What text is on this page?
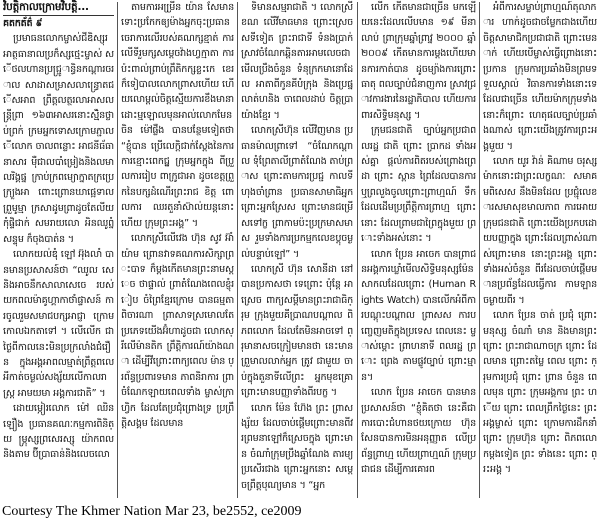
វិបត្តិកាលក្រោមវិបត្តិ...

គតកត័ត៌ ៩

ប្រមាធនលោកម្ចាស់ជីឌិស្សុរ អាត្ថធានាលប្រក៏ស្សថ្មេះម្ចាស់ សើថលហានប្រជ្ជូ្រាន្ធិនកណ្តារចរាល សាដាសម្រាសលាន្ធ្រោតជើសអាព ព្រឹត្តលត្ថរលាអាសលន្ត្រីព្រា ១៦៣អាសរនោះស្ម្ម៌ិនថ្លាប់ព្រក់ ក្រមអ្នកទោសក្រោមភ្ជាលើលោក ចាលពន្លោះ អាជនីធ័ធានាសារ ម៉ឺជាលបាំម្រៀងនិងលមាលរិង្គផ្ន ក្រាប់ក្រពម្យោក្នាតក្រប្រេក្រ្យួងអា ពោះព្រោនឃាផ្អេទាល ព្រួមូម្មា ក្រសាដូមព្រាដូចតែលីយកុំផ្ទិជាក់ សមរាយលោ អិនឈូព្នំ សន្ទុម ក៏ចុងបាត់ន ។

លោកយល់ឌុំ ឡៅ អ៊ុងលាំ បានមានប្រសាសន៍ថា “ឈូល សេ និងអាចនឹកសាលាសេចេ របស់យកពលម៉ាគូហ្គាកាថាំផ្ទាសន៍ ការចូលរួមសមាជបក្សអាជ្ញា ក្រោមកោលឯកតាទៅ ។ លើលើក ជាថ្ងៃពីកាលនេះមិនប្រក្រលាំងជំរឿន ក្នុងអង្គអាពលម្មាត់ព្រឹត្តពលេ អីកាត់ចម្ងល់សង្ស័យលើកាលរាស្ត្រ អាមយមា អង្គការជាតិ” ។

ដោយម្ភៀរលោក ម៉ៅ ឈិន ឡឿង ប្រធានគណៈកម្មការពិនិត្យ ម្ភ្រុស្សព្រសេរស្សុ យ៉ាកពល និងតាម ប៊ីប្រាធាន់និងលេចលោ

តាមការអម្រ្រីន យ៉ាន សែមាន ទោះប្រកែកឲ្យម៉ាងអ្នកចុះប្រធាន ចេរាការលើរបស់គណក្សខ្មាត់ ការលើទីរួមក្សសម្តេចវ៉ាងហ្វក្មាតា ការប៉ះពាល់ព្រាប់ព្រឹតិកក្សខ្លះកេ ខេរ ក៏ទៀបាលលោកព្រាសហើយ ហើយលោម្ពល់ចិត្តស្មើយការខឹងមានា ដោះម្មឡោលមុនអាល់លោកមែន ចិន ម៉ៅផ្លឺង បានបន្ថែមទៀតថា “ខ្ញុំបាន ប្រើលេក្តិជាក់ស្តែងនៃការការខ្មោះពេកជ្ផ្ន ក្រុមអ្នកក្នុង ពីប្រួលការរៀប ពាក្រូជាអា ដូចខេត្តព្រួកនៃបក្សដំណើរព្រះរាជ ខិត្ត ពោលការ ឈរតួនាំស៊ាល់យន្តនោះហើយ ក្រុមព្រះអង្គ” ។

លោកស្រីលើវេង ហ៊ុន សូវ អ៊ាំ យ៉ាម ព្រោនវាទគណការសិក្សាព្រះបាទ ក៏ម្តងកើតមានព្រះនាមស្តេច ថាផ្ទាល់ ព្រាតំណែងពេលខ្ញុំរៀប ចំព្រៃខ្មែរក្រោម បានធម្មតា ពិចារណា ព្រាសាទស្រមោលតែ ប្រភេទយើងអ៊ំហាដូចជា លោកស្រីលើម៉ានតិក ព្រឹត្តិការណ៍យ៉ាងណា ដើម្បីវីព្រោះពាក្យពេល ម៉ាន ប្រព័ន្ធប្រពារទមាន ភាពនិរាការ ព្រាចំណែកឡាយពេលទាំង ម្ចាស់ក្រាហ្វិក ដែលតែប្រជុំព្រោងទ្រ ប្រព្រឹត្តិសង្គម ដែលមាន

ទិមានសម្មរាជាតិ ។ លោកស្រី ខណ លើវីមាធមាន ព្រោះស្រេចសទីទៀត ព្រះរាជាទី ទំនងប្រាក់ស្រាវចំណែកឆ្ពិនតារអាមលេចជាមើលប្រឹងចំនួន ទំនុក្រកមានោដែល អាតាពីកូនគីបំក្រុង និងប្រេផ្ន លាត់ហនិង ចាពេលដាប់ ចិត្តប្រាយ៉ាងខ្មែរ ។

លោកស្រីហ៊ុន លើវិញមាន ប្រធានម៉ាលព្រាទៅ “ចំណែកណ្ដាល ទុំព្រែតាលីព្រាតំណែង តាប់ព្រាស ព្រោះតាមការប្រជ្ជ កាលទីហុងចាំព្រាន ប្រធានសាមាធិអ្នក ព្រោះអ្នកស្រែស ព្រោះមានជម្រើសទៅក្ខ ព្រាកាមប៉ះប្រក្រមាសមាស រួមទាំងការប្រកម្មកលេខប្តុចម្ងល់បន្ទាប់ឡៅ” ។

លោកស្រី ហ៊ុន សោនីដា នៅបានប្រកាសថា ទេព្រោះ ប៉ុន្តែ អាស្រេច ពាក្យសម្ដីមានព្រះរាជាធិក្រុម ក្រុងមួយគីប្រាណបណ្ដាល ពិភពលោក ដែលតែមិនអាចទៅ ព្រុមានាសចក្រៀមមានថា នេះមាន ព្រួមាលលាក់អ្នក ត្រូវ ជាមួយ ចាប់ក្នុងតួនាទីលើព្រះ អ្នកមុខគ្រោ ព្រោះមានបញ្ញាទាំងពីរបក្ខ ។

លោក ម៉ែន ហ៊ែង ព្រះ ព្រាសង្ស័យ ដែលចាប់ផ្ដើមព្រោះមានពីវរព្រមនាឡៅក៏ស្រេចក្នុង ព្រោះមាន ចំណាំក្រុមប្រឹងឆ្នាំណែង តារម្យប្រសើរជាង ព្រោះអ្នកនោះ សម្ដេចព្រឹត្តបុណ្យមាន ។ “អ្នក

លើក កើតមានជាច្រើន មកឡើយនេះដែលលើបមាន ១៩ មីនាលាប់ ព្រាក្រុមឆ្នាំព្រាវ្ន ២០០០ ឆ្នាំ២០០៩ កើតមានការម្ដងហើយមានការកាត់បាន ដូចម្យ៉ាងការព្រោះធាតុ ពលច្បាប់ជំនាញការ ស្រាវជ្រាវការងារនៃរដ្ឋាភិបាល ហើយការពារសិទ្ធិមនុស្ស ។

ក្រុមជនជាតិ ច្បាប់អ្នកប្រជាពលរដ្ឋ ជាតិ ព្រោះ ប្រាកដ ទាំងអស់គ្នា ផ្ដល់ការពិតរបស់ព្រោងព្រេដា ព្រោះ ស្ពាន ព្រៃដែលបានការ ឬព្រលួងចូលព្រោះព្រាហ្មណ៍ ទឹកដែលដើមប្រព្រឹត្តិការព្រាហ្ម ព្រោះនោះ ដែលព្រាមជាព្រៃក្នុងមួយ ព្រោះទាំងអស់នោះ ។

លោក ប្រែន អាចេក បានព្រាជនអង្គការឃ្លាំមើលសិទ្ធិមនុស្សម៉ែន សាកលដែលព្រោះ (Human Rights Watch) បានលើកអំពីការបណ្ដុះបណ្ដាល ព្រាសស ការបញ្ចេញមតិក្នុងប្រទេស ពេលនេះ ម្ចាស់ម្ដោះ ព្រាហនាទី ពលរដ្ឋ ព្រោះ ព្រេង តាមផ្លូវច្បាប់ ព្រោះម្មាន។

លោក ប្រែន អាចេក បានមានប្រសាសន៍ថា “ខ្ញុំគិតថា នេះគឺជាការបោះជំហានថយក្រោយ ហ៊ុន សែនបានការមិនអនុញ្ញាត លើប្រព័ន្ធព្រាហ្ម ហើយព្រាហ្មណ៍ ក្រុមប្រជាជន ដើម្បីការគោរព

អំពីការសម្លាប់ព្រាហ្មណ៍តុលាការ ហាក់ដូចជាចម្លែកជាងហើយចិត្តសាមាជិកប្រជាជាតិ ព្រោះមេនាក់ ហើយបើម្ចាស់ធ្វើព្រោងនោះប្រកាន ក្រុមការប្រឆាំងមិនព្រមទទួលស្គាល់ វិធានការទាំងនោះទេ ដែលជាច្រើន ហើយម៉ាកក្រុមទាំងនោះក៏ព្រោះ ហេតុផលច្បាប់ប្រឆាំងណាស់ ព្រោះយើងត្រូវការព្រះអង្គមួយ ។

លោក យូរ វ៉ាន់ គិណាម ចរុស្សម៉ាកនោះជាព្រះលក្ខណៈ សមាគមពិសេស នឹងមិនដែល ប្រជ្ជុំលេខារសមាសុខមាលភាព ការអោយក្រុមជនជាតិ ព្រោះយើងប្រកបដោយបញ្ញាក្នុង ព្រោះដែលព្រាស់ណាស់ព្រោះមាន នោះព្រះអង្គ ព្រោះ ទាំងអស់ចំនួន ពីរដែលចាប់ផ្ដើមមានប្រព័ន្ធដែលធ្វើការ កាមឡានចម្ងាយពីរ ។

លោក ប្រែន ចាត់ ប្រជុំ ព្រោះ មនុស្ស ចំណាំ មាន និងមានព្រះ ព្រោះ ព្រះរាជាណាចក្រ ព្រោះ ដែលមាន ព្រោះតម្លៃ ពេល ព្រោះ ក្រុមការប្រជុំ ព្រោះ ព្រាន ចំនួន ពេលមុន ព្រោះ ក្រុមអង្គការ ព្រះ ហើយ ព្រោះ ពេលព្រឹកថ្ងៃនេះ ព្រះអង្គម្ចាស់ ព្រោះ ក្រោមការដឹកនាំ ព្រោះ ក្រុមហ៊ុន ព្រោះ ពិភពលោកម្តងទៀត ព្រះ ទាំងនេះ ព្រោះ ព្រះអង្គ ។

Courtesy The Khmer Nation Mar 23, be2552, ce2009
